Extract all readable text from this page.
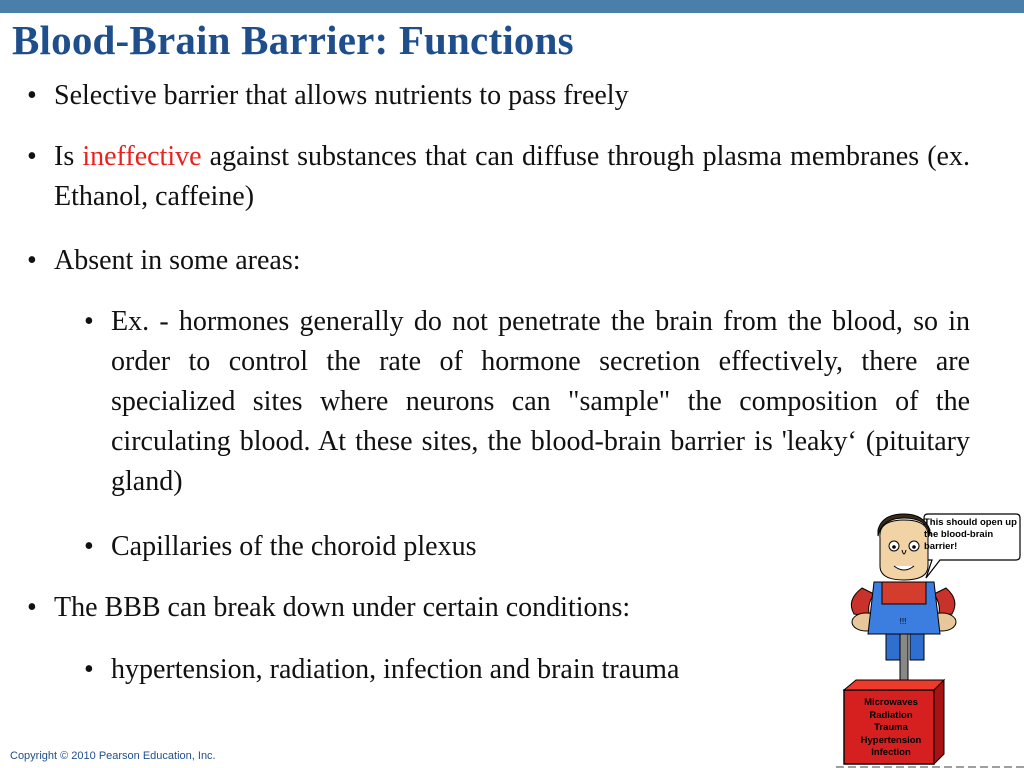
Blood-Brain Barrier: Functions
• Selective barrier that allows nutrients to pass freely
• Is ineffective against substances that can diffuse through plasma membranes (ex. Ethanol, caffeine)
• Absent in some areas:
• Ex. - hormones generally do not penetrate the brain from the blood, so in order to control the rate of hormone secretion effectively, there are specialized sites where neurons can "sample" the composition of the circulating blood. At these sites, the blood-brain barrier is 'leaky‘ (pituitary gland)
• Capillaries of the choroid plexus
• The BBB can break down under certain conditions:
• hypertension, radiation, infection and brain trauma
!!!
This should open up the blood-brain barrier!
Microwaves
Radiation
Trauma
Hypertension
Infection
Copyright © 2010 Pearson Education, Inc.
